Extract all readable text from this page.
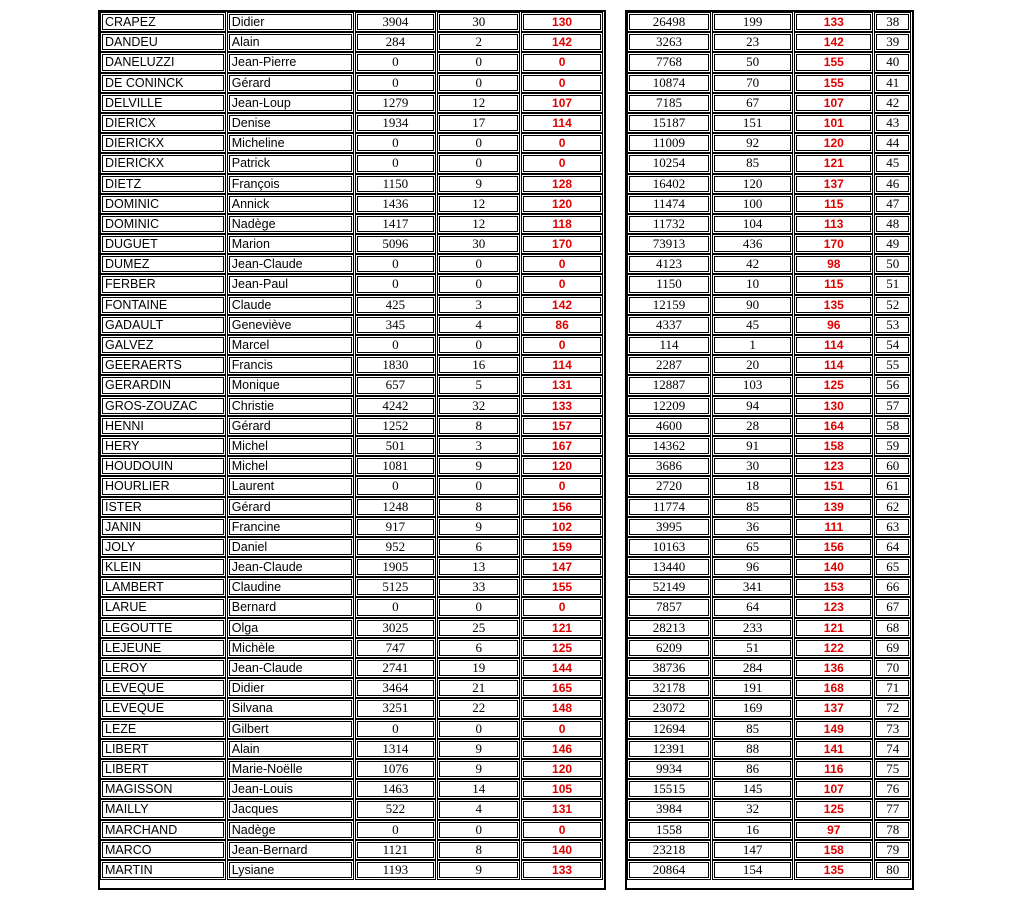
CRAPEZ	Didier	3904	30	130
DANDEU	Alain	284	2	142
DANELUZZI	Jean-Pierre	0	0	0
DE CONINCK	Gérard	0	0	0
DELVILLE	Jean-Loup	1279	12	107
DIERICX	Denise	1934	17	114
DIERICKX	Micheline	0	0	0
DIERICKX	Patrick	0	0	0
DIETZ	François	1150	9	128
DOMINIC	Annick	1436	12	120
DOMINIC	Nadège	1417	12	118
DUGUET	Marion	5096	30	170
DUMEZ	Jean-Claude	0	0	0
FERBER	Jean-Paul	0	0	0
FONTAINE	Claude	425	3	142
GADAULT	Geneviève	345	4	86
GALVEZ	Marcel	0	0	0
GEERAERTS	Francis	1830	16	114
GERARDIN	Monique	657	5	131
GROS-ZOUZAC	Christie	4242	32	133
HENNI	Gérard	1252	8	157
HERY	Michel	501	3	167
HOUDOUIN	Michel	1081	9	120
HOURLIER	Laurent	0	0	0
ISTER	Gérard	1248	8	156
JANIN	Francine	917	9	102
JOLY	Daniel	952	6	159
KLEIN	Jean-Claude	1905	13	147
LAMBERT	Claudine	5125	33	155
LARUE	Bernard	0	0	0
LEGOUTTE	Olga	3025	25	121
LEJEUNE	Michèle	747	6	125
LEROY	Jean-Claude	2741	19	144
LEVEQUE	Didier	3464	21	165
LEVEQUE	Silvana	3251	22	148
LEZE	Gilbert	0	0	0
LIBERT	Alain	1314	9	146
LIBERT	Marie-Noëlle	1076	9	120
MAGISSON	Jean-Louis	1463	14	105
MAILLY	Jacques	522	4	131
MARCHAND	Nadège	0	0	0
MARCO	Jean-Bernard	1121	8	140
MARTIN	Lysiane	1193	9	133
26498	199	133	38
3263	23	142	39
7768	50	155	40
10874	70	155	41
7185	67	107	42
15187	151	101	43
11009	92	120	44
10254	85	121	45
16402	120	137	46
11474	100	115	47
11732	104	113	48
73913	436	170	49
4123	42	98	50
1150	10	115	51
12159	90	135	52
4337	45	96	53
114	1	114	54
2287	20	114	55
12887	103	125	56
12209	94	130	57
4600	28	164	58
14362	91	158	59
3686	30	123	60
2720	18	151	61
11774	85	139	62
3995	36	111	63
10163	65	156	64
13440	96	140	65
52149	341	153	66
7857	64	123	67
28213	233	121	68
6209	51	122	69
38736	284	136	70
32178	191	168	71
23072	169	137	72
12694	85	149	73
12391	88	141	74
9934	86	116	75
15515	145	107	76
3984	32	125	77
1558	16	97	78
23218	147	158	79
20864	154	135	80
